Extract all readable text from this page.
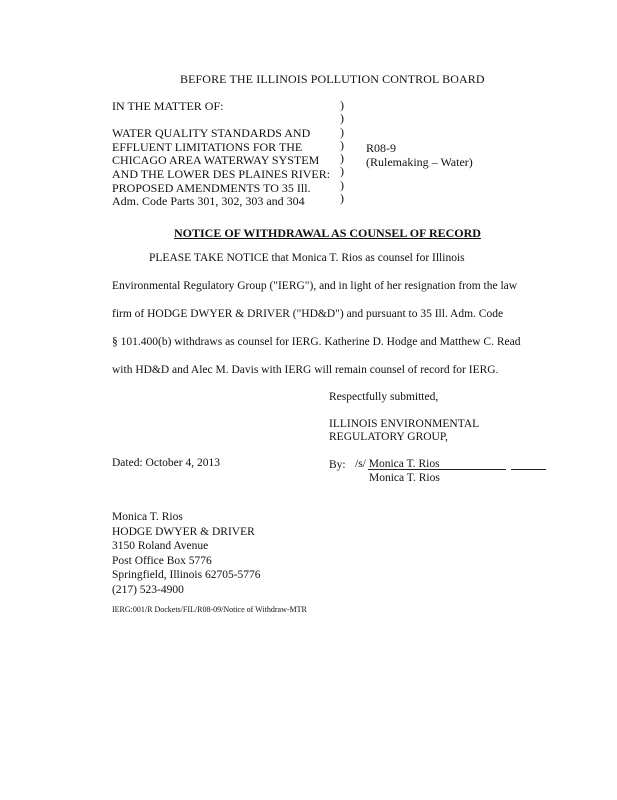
BEFORE THE ILLINOIS POLLUTION CONTROL BOARD
IN THE MATTER OF:
WATER QUALITY STANDARDS AND
EFFLUENT LIMITATIONS FOR THE
CHICAGO AREA WATERWAY SYSTEM
AND THE LOWER DES PLAINES RIVER:
PROPOSED AMENDMENTS TO 35 Ill.
Adm. Code Parts 301, 302, 303 and 304
)
)
)
)
)
)
)
)
R08-9
(Rulemaking – Water)
NOTICE OF WITHDRAWAL AS COUNSEL OF RECORD
PLEASE TAKE NOTICE that Monica T. Rios as counsel for Illinois
Environmental Regulatory Group ("IERG"), and in light of her resignation from the law
firm of HODGE DWYER & DRIVER ("HD&D") and pursuant to 35 Ill. Adm. Code
§ 101.400(b) withdraws as counsel for IERG. Katherine D. Hodge and Matthew C. Read
with HD&D and Alec M. Davis with IERG will remain counsel of record for IERG.
Respectfully submitted,
ILLINOIS ENVIRONMENTAL
REGULATORY GROUP,
Dated: October 4, 2013	By: /s/ Monica T. Rios
Monica T. Rios
Monica T. Rios
HODGE DWYER & DRIVER
3150 Roland Avenue
Post Office Box 5776
Springfield, Illinois 62705-5776
(217) 523-4900
IERG:001/R Dockets/FIL/R08-09/Notice of Withdraw-MTR
